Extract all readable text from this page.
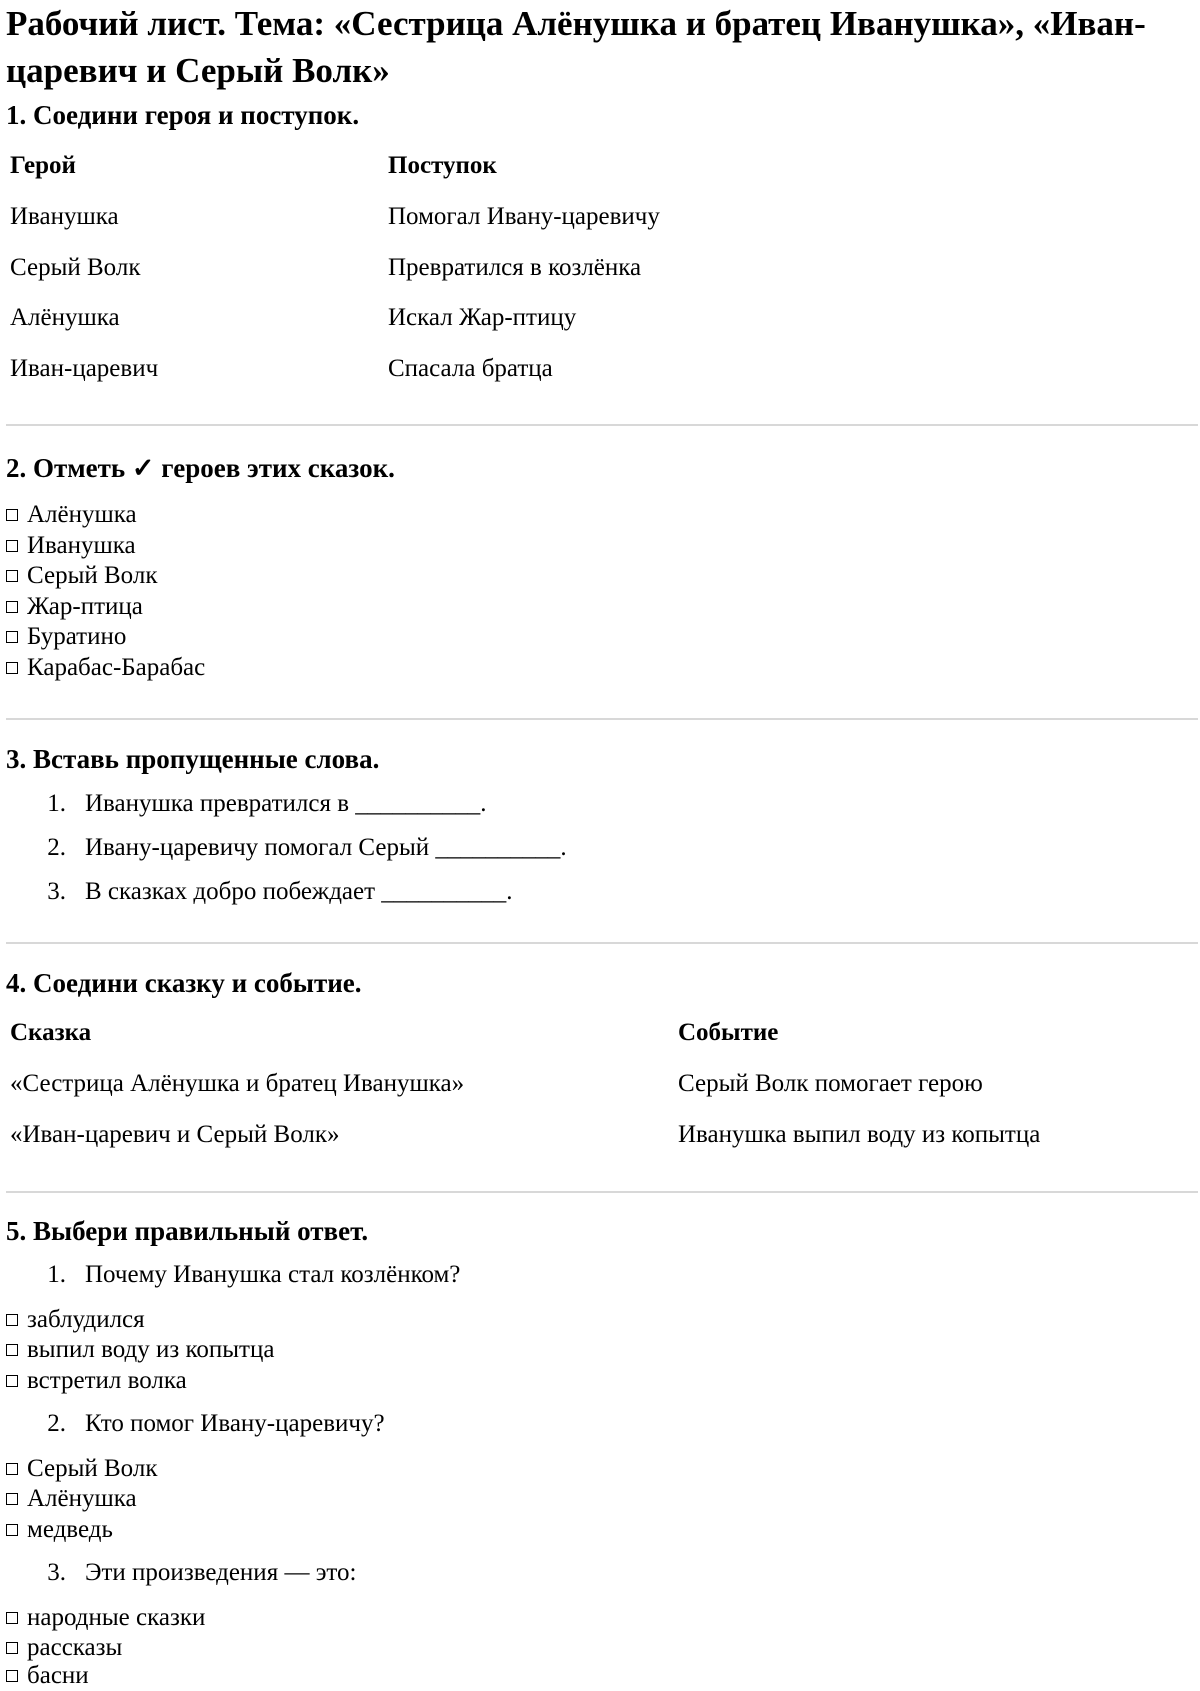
Рабочий лист. Тема: «Сестрица Алёнушка и братец Иванушка», «Иван-царевич и Серый Волк»
1. Соедини героя и поступок.
Герой	Поступок
Иванушка
Серый Волк
Алёнушка
Иван-царевич
Помогал Ивану-царевичу
Превратился в козлёнка
Искал Жар-птицу
Спасала братца
2. Отметь ✓ героев этих сказок.
Алёнушка
Иванушка
Серый Волк
Жар-птица
Буратино
Карабас-Барабас
3. Вставь пропущенные слова.
1. Иванушка превратился в __________.
2. Ивану-царевичу помогал Серый __________.
3. В сказках добро побеждает __________.
4. Соедини сказку и событие.
Сказка	Событие
«Сестрица Алёнушка и братец Иванушка»
«Иван-царевич и Серый Волк»
Серый Волк помогает герою
Иванушка выпил воду из копытца
5. Выбери правильный ответ.
1. Почему Иванушка стал козлёнком?
заблудился
выпил воду из копытца
встретил волка
2. Кто помог Ивану-царевичу?
Серый Волк
Алёнушка
медведь
3. Эти произведения — это:
народные сказки
рассказы
басни
